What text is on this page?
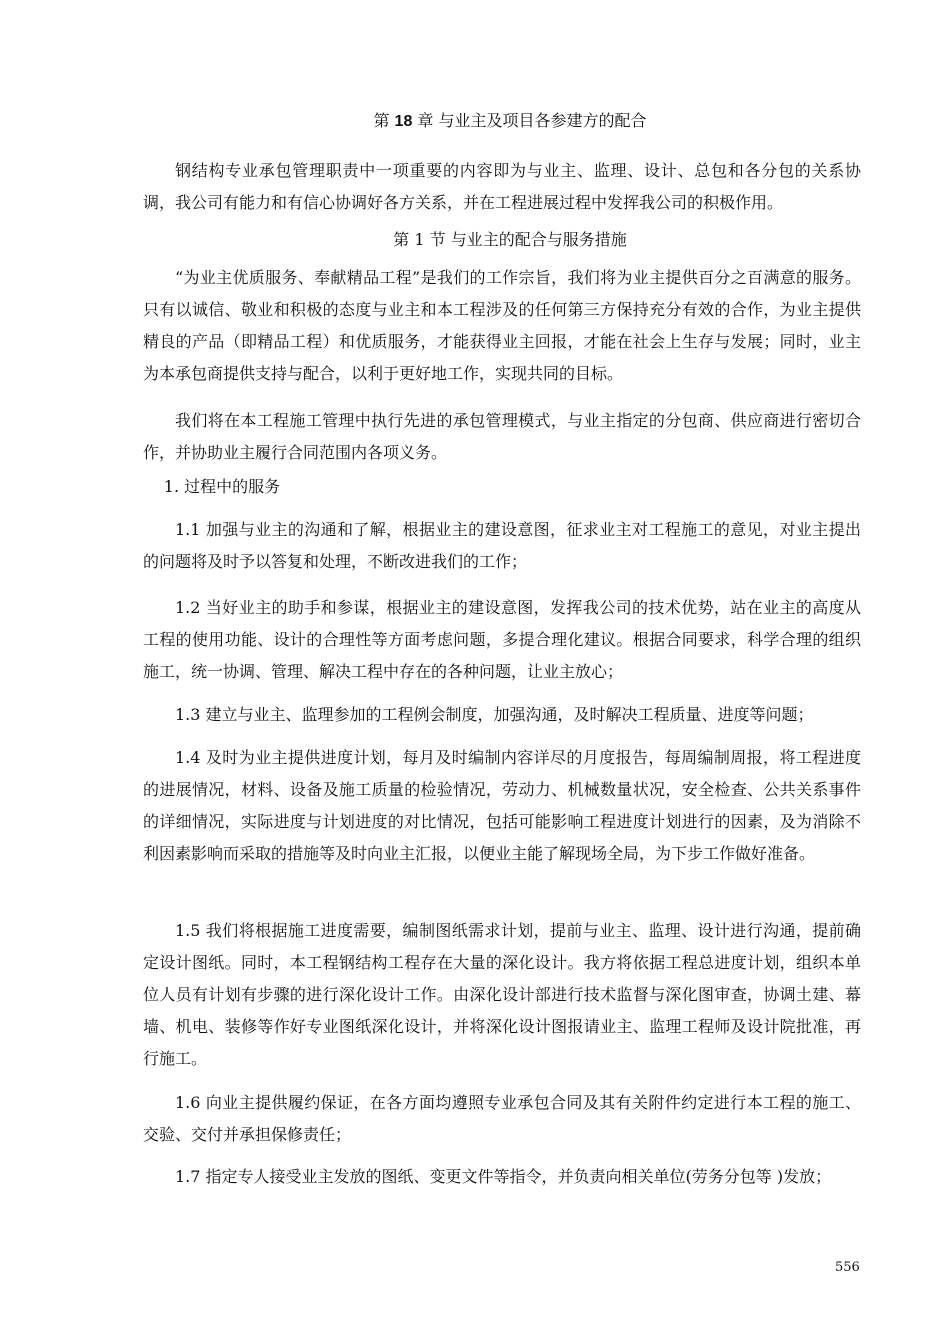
第 18 章 与业主及项目各参建方的配合

钢结构专业承包管理职责中一项重要的内容即为与业主、监理、设计、总包和各分包的关系协调，我公司有能力和有信心协调好各方关系，并在工程进展过程中发挥我公司的积极作用。

第 1 节 与业主的配合与服务措施

“为业主优质服务、奉献精品工程”是我们的工作宗旨，我们将为业主提供百分之百满意的服务。只有以诚信、敬业和积极的态度与业主和本工程涉及的任何第三方保持充分有效的合作，为业主提供精良的产品（即精品工程）和优质服务，才能获得业主回报，才能在社会上生存与发展；同时，业主为本承包商提供支持与配合，以利于更好地工作，实现共同的目标。

我们将在本工程施工管理中执行先进的承包管理模式，与业主指定的分包商、供应商进行密切合作，并协助业主履行合同范围内各项义务。

1. 过程中的服务

1.1 加强与业主的沟通和了解，根据业主的建设意图，征求业主对工程施工的意见，对业主提出的问题将及时予以答复和处理，不断改进我们的工作；

1.2 当好业主的助手和参谋，根据业主的建设意图，发挥我公司的技术优势，站在业主的高度从工程的使用功能、设计的合理性等方面考虑问题，多提合理化建议。根据合同要求，科学合理的组织施工，统一协调、管理、解决工程中存在的各种问题，让业主放心；

1.3 建立与业主、监理参加的工程例会制度，加强沟通，及时解决工程质量、进度等问题；

1.4 及时为业主提供进度计划，每月及时编制内容详尽的月度报告，每周编制周报，将工程进度的进展情况，材料、设备及施工质量的检验情况，劳动力、机械数量状况，安全检查、公共关系事件的详细情况，实际进度与计划进度的对比情况，包括可能影响工程进度计划进行的因素，及为消除不利因素影响而采取的措施等及时向业主汇报，以便业主能了解现场全局，为下步工作做好准备。

1.5 我们将根据施工进度需要，编制图纸需求计划，提前与业主、监理、设计进行沟通，提前确定设计图纸。同时，本工程钢结构工程存在大量的深化设计。我方将依据工程总进度计划，组织本单位人员有计划有步骤的进行深化设计工作。由深化设计部进行技术监督与深化图审查，协调土建、幕墙、机电、装修等作好专业图纸深化设计，并将深化设计图报请业主、监理工程师及设计院批准，再行施工。

1.6 向业主提供履约保证，在各方面均遵照专业承包合同及其有关附件约定进行本工程的施工、交验、交付并承担保修责任；

1.7 指定专人接受业主发放的图纸、变更文件等指令，并负责向相关单位(劳务分包等 )发放；

556
